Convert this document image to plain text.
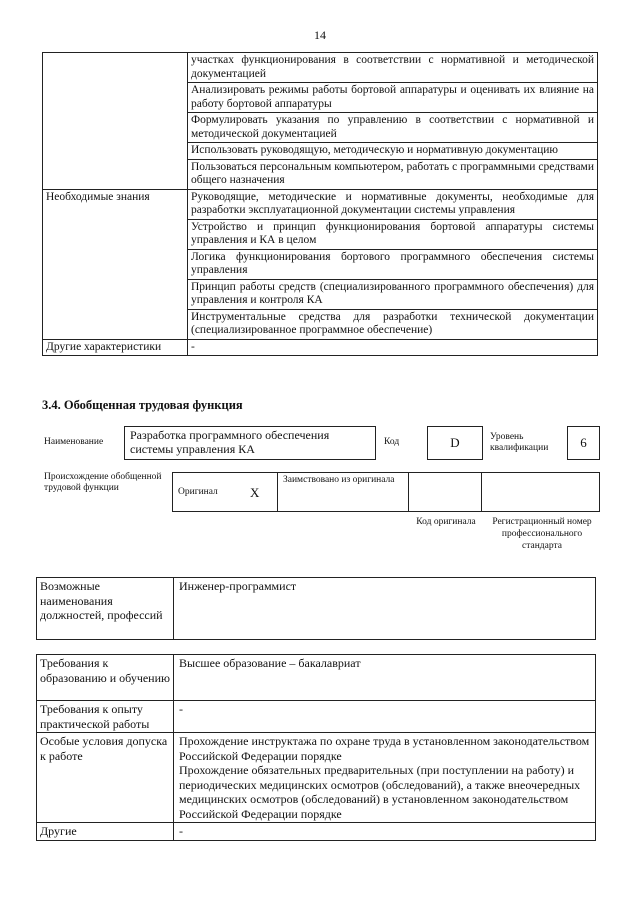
14
	участках функционирования в соответствии с нормативной и методической документацией
	Анализировать режимы работы бортовой аппаратуры и оценивать их влияние на работу бортовой аппаратуры
	Формулировать указания по управлению в соответствии с нормативной и методической документацией
	Использовать руководящую, методическую и нормативную документацию
	Пользоваться персональным компьютером, работать с программными средствами общего назначения
Необходимые знания	Руководящие, методические и нормативные документы, необходимые для разработки эксплуатационной документации системы управления
	Устройство и принцип функционирования бортовой аппаратуры системы управления и КА в целом
	Логика функционирования бортового программного обеспечения системы управления
	Принцип работы средств (специализированного программного обеспечения) для управления и контроля КА
	Инструментальные средства для разработки технической документации (специализированное программное обеспечение)
Другие характеристики	-
3.4. Обобщенная трудовая функция
Наименование	Разработка программного обеспечения системы управления КА	Код	D	Уровень квалификации	6
Происхождение обобщенной трудовой функции	Оригинал	X	Заимствовано из оригинала		
Код оригинала	Регистрационный номер профессионального стандарта
Возможные наименования должностей, профессий	Инженер-программист
Требования к образованию и обучению	Высшее образование – бакалавриат
Требования к опыту практической работы	-
Особые условия допуска к работе	Прохождение инструктажа по охране труда в установленном законодательством Российской Федерации порядке
Прохождение обязательных предварительных (при поступлении на работу) и периодических медицинских осмотров (обследований), а также внеочередных медицинских осмотров (обследований) в установленном законодательством Российской Федерации порядке

Другие	-
